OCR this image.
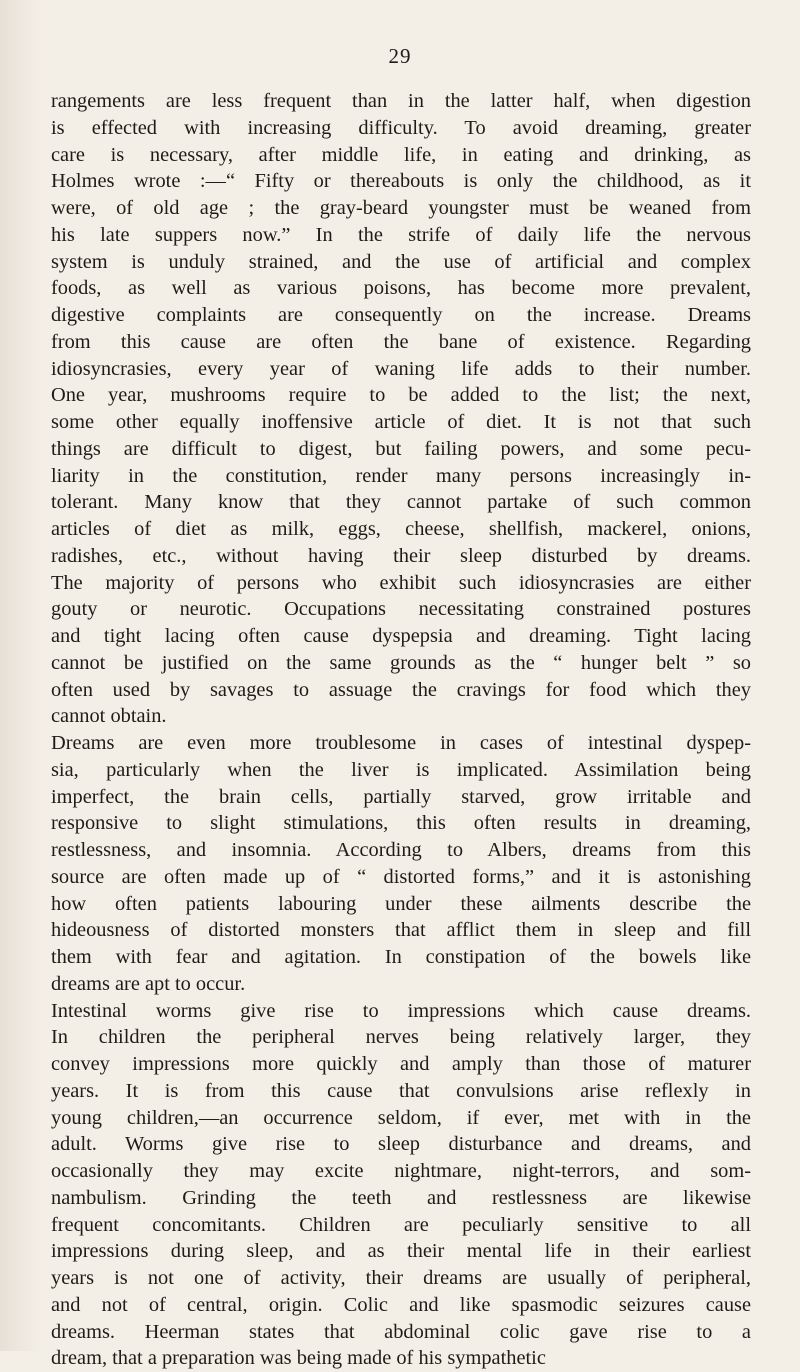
29
rangements are less frequent than in the latter half, when digestion
is effected with increasing difficulty. To avoid dreaming, greater
care is necessary, after middle life, in eating and drinking, as
Holmes wrote :—“ Fifty or thereabouts is only the childhood, as it
were, of old age ; the gray-beard youngster must be weaned from
his late suppers now.” In the strife of daily life the nervous
system is unduly strained, and the use of artificial and complex
foods, as well as various poisons, has become more prevalent,
digestive complaints are consequently on the increase. Dreams
from this cause are often the bane of existence. Regarding
idiosyncrasies, every year of waning life adds to their number.
One year, mushrooms require to be added to the list; the next,
some other equally inoffensive article of diet. It is not that such
things are difficult to digest, but failing powers, and some pecu-
liarity in the constitution, render many persons increasingly in-
tolerant. Many know that they cannot partake of such common
articles of diet as milk, eggs, cheese, shellfish, mackerel, onions,
radishes, etc., without having their sleep disturbed by dreams.
The majority of persons who exhibit such idiosyncrasies are either
gouty or neurotic. Occupations necessitating constrained postures
and tight lacing often cause dyspepsia and dreaming. Tight lacing
cannot be justified on the same grounds as the “ hunger belt ” so
often used by savages to assuage the cravings for food which they
cannot obtain.
Dreams are even more troublesome in cases of intestinal dyspep-
sia, particularly when the liver is implicated. Assimilation being
imperfect, the brain cells, partially starved, grow irritable and
responsive to slight stimulations, this often results in dreaming,
restlessness, and insomnia. According to Albers, dreams from this
source are often made up of “ distorted forms,” and it is astonishing
how often patients labouring under these ailments describe the
hideousness of distorted monsters that afflict them in sleep and fill
them with fear and agitation. In constipation of the bowels like
dreams are apt to occur.
Intestinal worms give rise to impressions which cause dreams.
In children the peripheral nerves being relatively larger, they
convey impressions more quickly and amply than those of maturer
years. It is from this cause that convulsions arise reflexly in
young children,—an occurrence seldom, if ever, met with in the
adult. Worms give rise to sleep disturbance and dreams, and
occasionally they may excite nightmare, night-terrors, and som-
nambulism. Grinding the teeth and restlessness are likewise
frequent concomitants. Children are peculiarly sensitive to all
impressions during sleep, and as their mental life in their earliest
years is not one of activity, their dreams are usually of peripheral,
and not of central, origin. Colic and like spasmodic seizures cause
dreams. Heerman states that abdominal colic gave rise to a
dream, that a preparation was being made of his sympathetic
